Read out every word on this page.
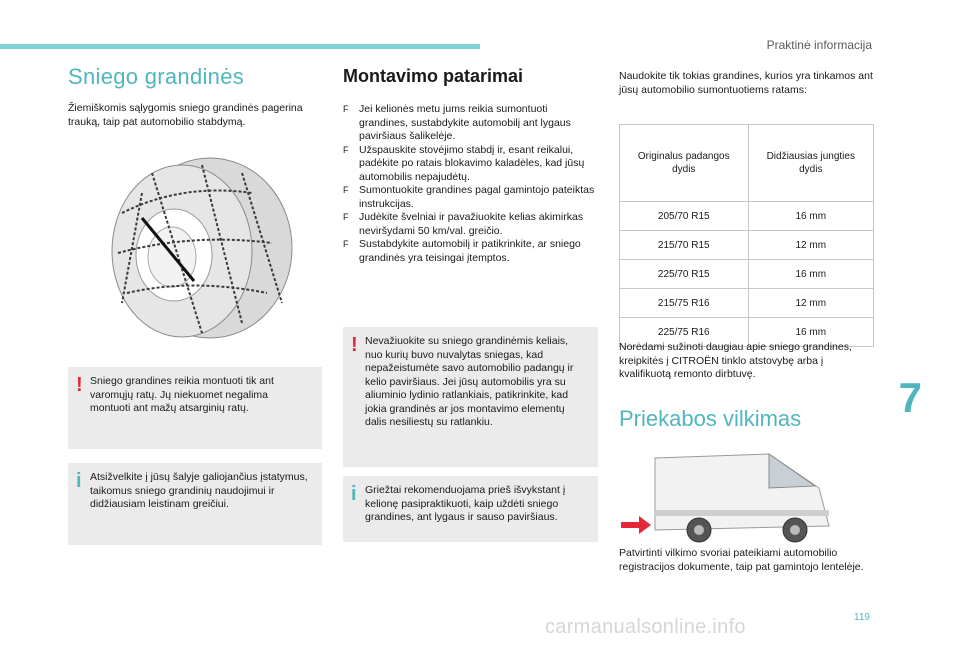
Praktinė informacija
Sniego grandinės
Žiemiškomis sąlygomis sniego grandinės pagerina trauką, taip pat automobilio stabdymą.
! Sniego grandines reikia montuoti tik ant varomųjų ratų. Jų niekuomet negalima montuoti ant mažų atsarginių ratų.
i Atsižvelkite į jūsų šalyje galiojančius įstatymus, taikomus sniego grandinių naudojimui ir didžiausiam leistinam greičiui.
Montavimo patarimai
F Jei kelionės metu jums reikia sumontuoti grandines, sustabdykite automobilį ant lygaus paviršiaus šalikelėje.
F Užspauskite stovėjimo stabdį ir, esant reikalui, padėkite po ratais blokavimo kaladėles, kad jūsų automobilis nepajudėtų.
F Sumontuokite grandines pagal gamintojo pateiktas instrukcijas.
F Judėkite švelniai ir pavažiuokite kelias akimirkas neviršydami 50 km/val. greičio.
F Sustabdykite automobilį ir patikrinkite, ar sniego grandinės yra teisingai įtemptos.
! Nevažiuokite su sniego grandinėmis keliais, nuo kurių buvo nuvalytas sniegas, kad nepažeistumėte savo automobilio padangų ir kelio paviršiaus. Jei jūsų automobilis yra su aliuminio lydinio ratlankiais, patikrinkite, kad jokia grandinės ar jos montavimo elementų dalis nesiliestų su ratlankiu.
i Griežtai rekomenduojama prieš išvykstant į kelionę pasipraktikuoti, kaip uždėti sniego grandines, ant lygaus ir sauso paviršiaus.
Naudokite tik tokias grandines, kurios yra tinkamos ant jūsų automobilio sumontuotiems ratams:
Originalus padangos dydis	Didžiausias jungties dydis
205/70 R15	16 mm
215/70 R15	12 mm
225/70 R15	16 mm
215/75 R16	12 mm
225/75 R16	16 mm
Norėdami sužinoti daugiau apie sniego grandines, kreipkitės į CITROËN tinklo atstovybę arba į kvalifikuotą remonto dirbtuvę.
Priekabos vilkimas
Patvirtinti vilkimo svoriai pateikiami automobilio registracijos dokumente, taip pat gamintojo lentelėje.
7
119
carmanualsonline.info
